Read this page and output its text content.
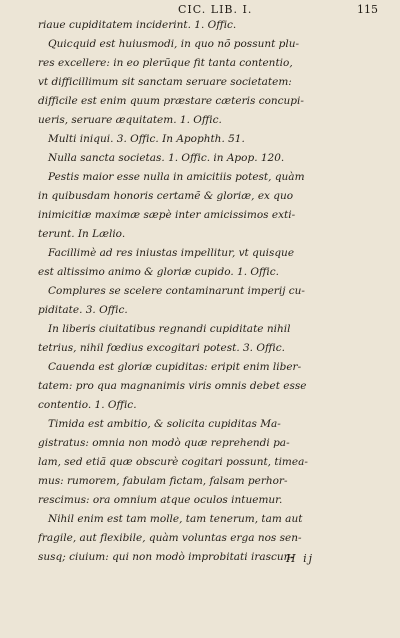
CIC. LIB. I.	115
riaue cupiditatem inciderint. 1. Offic.
Quicquid est huiusmodi, in quo nõ possunt plu-
res excellere: in eo plerũque fit tanta contentio,
vt difficillimum sit sanctam seruare societatem:
difficile est enim quum præstare cæteris concupi-
ueris, seruare æquitatem. 1. Offic.
Multi iniqui. 3. Offic. In Apophth. 51.
Nulla sancta societas. 1. Offic. in Apop. 120.
Pestis maior esse nulla in amicitiis potest, quàm
in quibusdam honoris certamẽ & gloriæ, ex quo
inimicitiæ maximæ sæpè inter amicissimos exti-
terunt. In Lælio.
Facillimè ad res iniustas impellitur, vt quisque
est altissimo animo & gloriæ cupido. 1. Offic.
Complures se scelere contaminarunt imperij cu-
piditate. 3. Offic.
In liberis ciuitatibus regnandi cupiditate nihil
tetrius, nihil fœdius excogitari potest. 3. Offic.
Cauenda est gloriæ cupiditas: eripit enim liber-
tatem: pro qua magnanimis viris omnis debet esse
contentio. 1. Offic.
Timida est ambitio, & solicita cupiditas Ma-
gistratus: omnia non modò quæ reprehendi pa-
lam, sed etiã quæ obscurè cogitari possunt, timea-
mus: rumorem, fabulam fictam, falsam perhor-
rescimus: ora omnium atque oculos intuemur.
Nihil enim est tam molle, tam tenerum, tam aut
fragile, aut flexibile, quàm voluntas erga nos sen-
susq; ciuium: qui non modò improbitati irascun-
H ij
